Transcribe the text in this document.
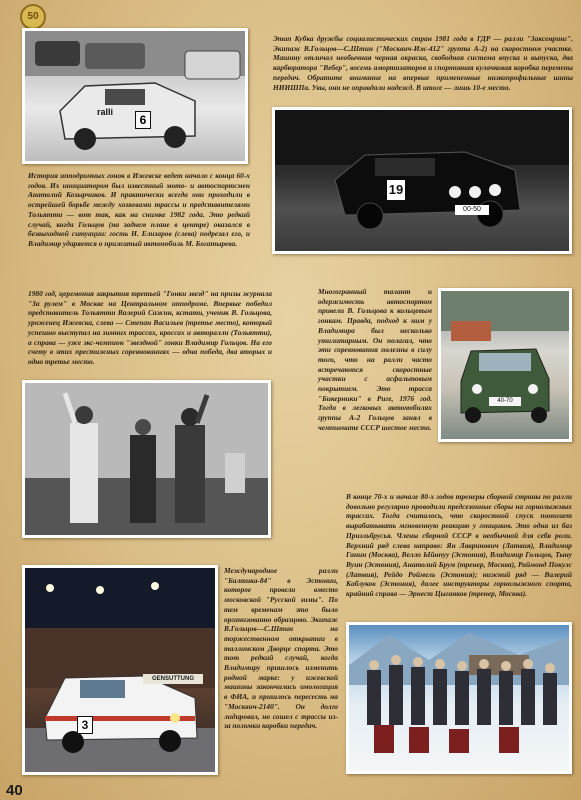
50
ralli
6

Этап Кубка дружбы социалистических стран 1981 года в ГДР — ралли "Заксенринг". Экипаж В.Гольцов—С.Штин ("Москвич-Иж-412" группы А-2) на скоростном участке. Машину отличал необычная черная окраска, свободная система впуска и выпуска, два карбюратора "Вебер", восемь амортизаторов и спортивная кулачковая коробка перемены передач. Обратите внимание на впервые примененные низкопрофильные шины НИИШПа. Увы, они не оправдали надежд. В итоге — лишь 10-е место.

19
00-50

История ипподромных гонок в Ижевске ведет начало с конца 60-х годов. Их инициатором был известный мото- и автоспортсмен Анатолий Козырчиков. И практически всегда они проходили в острейшей борьбе между хозяевами трассы и представителями Тольятти — вот так, как на снимке 1982 года. Это редкий случай, когда Гольцов (на заднем плане в центре) оказался в безвыходной ситуации: гость Н. Елизаров (слева) подрезал его, и Владимир ударяется о прижатый автомобиль М. Богатырева.

1980 год, церемония закрытия третьей "Гонки звезд" на призы журнала "За рулем" в Москве на Центральном ипподроме. Впервые победил представитель Тольятти Валерий Сажин, кстати, ученик В. Гольцова, уроженец Ижевска, слева — Степан Васильев (третье место), который успешно выступал на зимних трассах, кроссах и авторалли (Тольятти), а справа — уже экс-чемпион "звездной" гонки Владимир Гольцов. На его счету в этих престижных соревнованиях — одна победа, два вторых и одно третье место.

40-70

Многогранный талант и одержимость автоспортом привели В. Гольцова к кольцевым гонкам. Правда, подход к ним у Владимира был несколько утилитарным. Он полагал, что эти соревнования полезны в силу того, что на ралли часто встречаются скоростные участки с асфальтовым покрытием. Это трасса "Бикерники" в Риге, 1976 год. Тогда в легковых автомобилях группы А-2 Гольцов занял в чемпионате СССР шестое место.

В конце 70-х и начале 80-х годов тренеры сборной страны по ралли довольно регулярно проводили предсезонные сборы на горнолыжных трассах. Тогда считалось, что скоростной спуск помогает вырабатывать мгновенную реакцию у гонщиков. Это одна из баз Приэльбрусья. Члены сборной СССР в необычной для себя роли. Верхний ряд слева направо: Ян Лавринович (Латвия), Владимир Ганин (Москва), Велло Ыйнпуу (Эстония), Владимир Гольцов, Тыну Вуин (Эстония), Анатолий Брум (тренер, Москва), Раймонд Покулс (Латвия), Рейдо Роймель (Эстония); нижний ряд — Валерий Каблуков (Эстония), далее инструкторы горнолыжного спорта, крайний справа — Эрнест Цыганков (тренер, Москва).

GENSUTTUNG
3

Международное ралли "Балтика-84" в Эстонии, которое провели вместо московской "Русской зимы". По тем временам это было организованно образцово. Экипаж В.Гольцов—С.Штин на торжественном открытии в таллинском Дворце спорта. Это тот редкий случай, когда Владимиру пришлось изменить родной марке: у ижевской машины закончилась омологация в ФИА, и пришлось пересесть на "Москвич-2140". Он долго лидировал, но сошел с трассы из-за поломки коробки передач.

40
